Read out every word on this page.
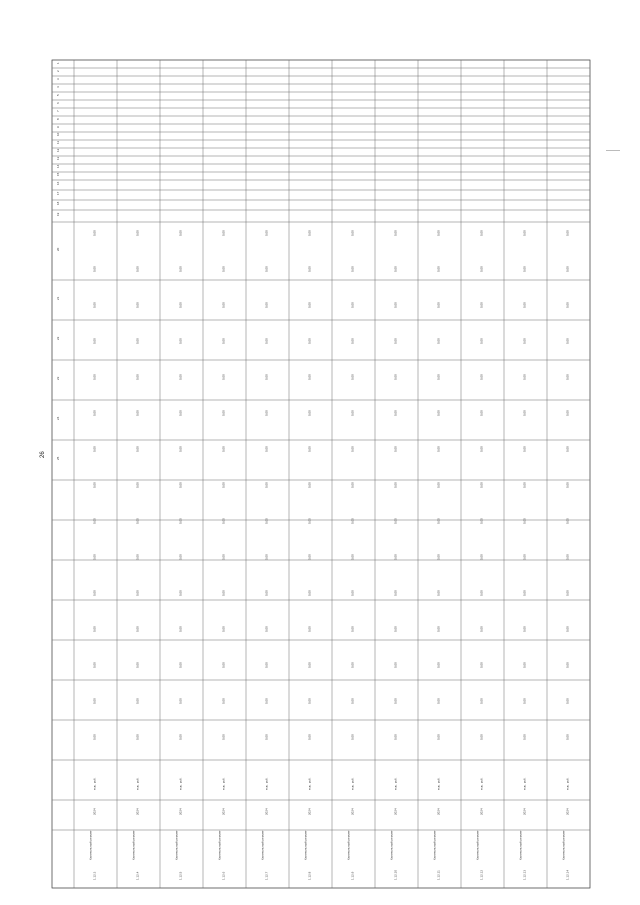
26
1
2
3
4
5
6
7
8
9
10
11
12
13
14
15
16
17
18
19
20
21
22
23
24
25
1.12.3
Капитальный ремонт
2024
тыс. руб.
0,00
0,00
0,00
0,00
0,00
0,00
0,00
0,00
0,00
0,00
0,00
0,00
0,00
0,00
0,00
1.12.4
Капитальный ремонт
2024
тыс. руб.
0,00
0,00
0,00
0,00
0,00
0,00
0,00
0,00
0,00
0,00
0,00
0,00
0,00
0,00
0,00
1.12.5
Капитальный ремонт
2024
тыс. руб.
0,00
0,00
0,00
0,00
0,00
0,00
0,00
0,00
0,00
0,00
0,00
0,00
0,00
0,00
0,00
1.12.6
Капитальный ремонт
2024
тыс. руб.
0,00
0,00
0,00
0,00
0,00
0,00
0,00
0,00
0,00
0,00
0,00
0,00
0,00
0,00
0,00
1.12.7
Капитальный ремонт
2024
тыс. руб.
0,00
0,00
0,00
0,00
0,00
0,00
0,00
0,00
0,00
0,00
0,00
0,00
0,00
0,00
0,00
1.12.8
Капитальный ремонт
2024
тыс. руб.
0,00
0,00
0,00
0,00
0,00
0,00
0,00
0,00
0,00
0,00
0,00
0,00
0,00
0,00
0,00
1.12.9
Капитальный ремонт
2024
тыс. руб.
0,00
0,00
0,00
0,00
0,00
0,00
0,00
0,00
0,00
0,00
0,00
0,00
0,00
0,00
0,00
1.12.10
Капитальный ремонт
2024
тыс. руб.
0,00
0,00
0,00
0,00
0,00
0,00
0,00
0,00
0,00
0,00
0,00
0,00
0,00
0,00
0,00
1.12.11
Капитальный ремонт
2024
тыс. руб.
0,00
0,00
0,00
0,00
0,00
0,00
0,00
0,00
0,00
0,00
0,00
0,00
0,00
0,00
0,00
1.12.12
Капитальный ремонт
2024
тыс. руб.
0,00
0,00
0,00
0,00
0,00
0,00
0,00
0,00
0,00
0,00
0,00
0,00
0,00
0,00
0,00
1.12.13
Капитальный ремонт
2024
тыс. руб.
0,00
0,00
0,00
0,00
0,00
0,00
0,00
0,00
0,00
0,00
0,00
0,00
0,00
0,00
0,00
1.12.14
Капитальный ремонт
2024
тыс. руб.
0,00
0,00
0,00
0,00
0,00
0,00
0,00
0,00
0,00
0,00
0,00
0,00
0,00
0,00
0,00
